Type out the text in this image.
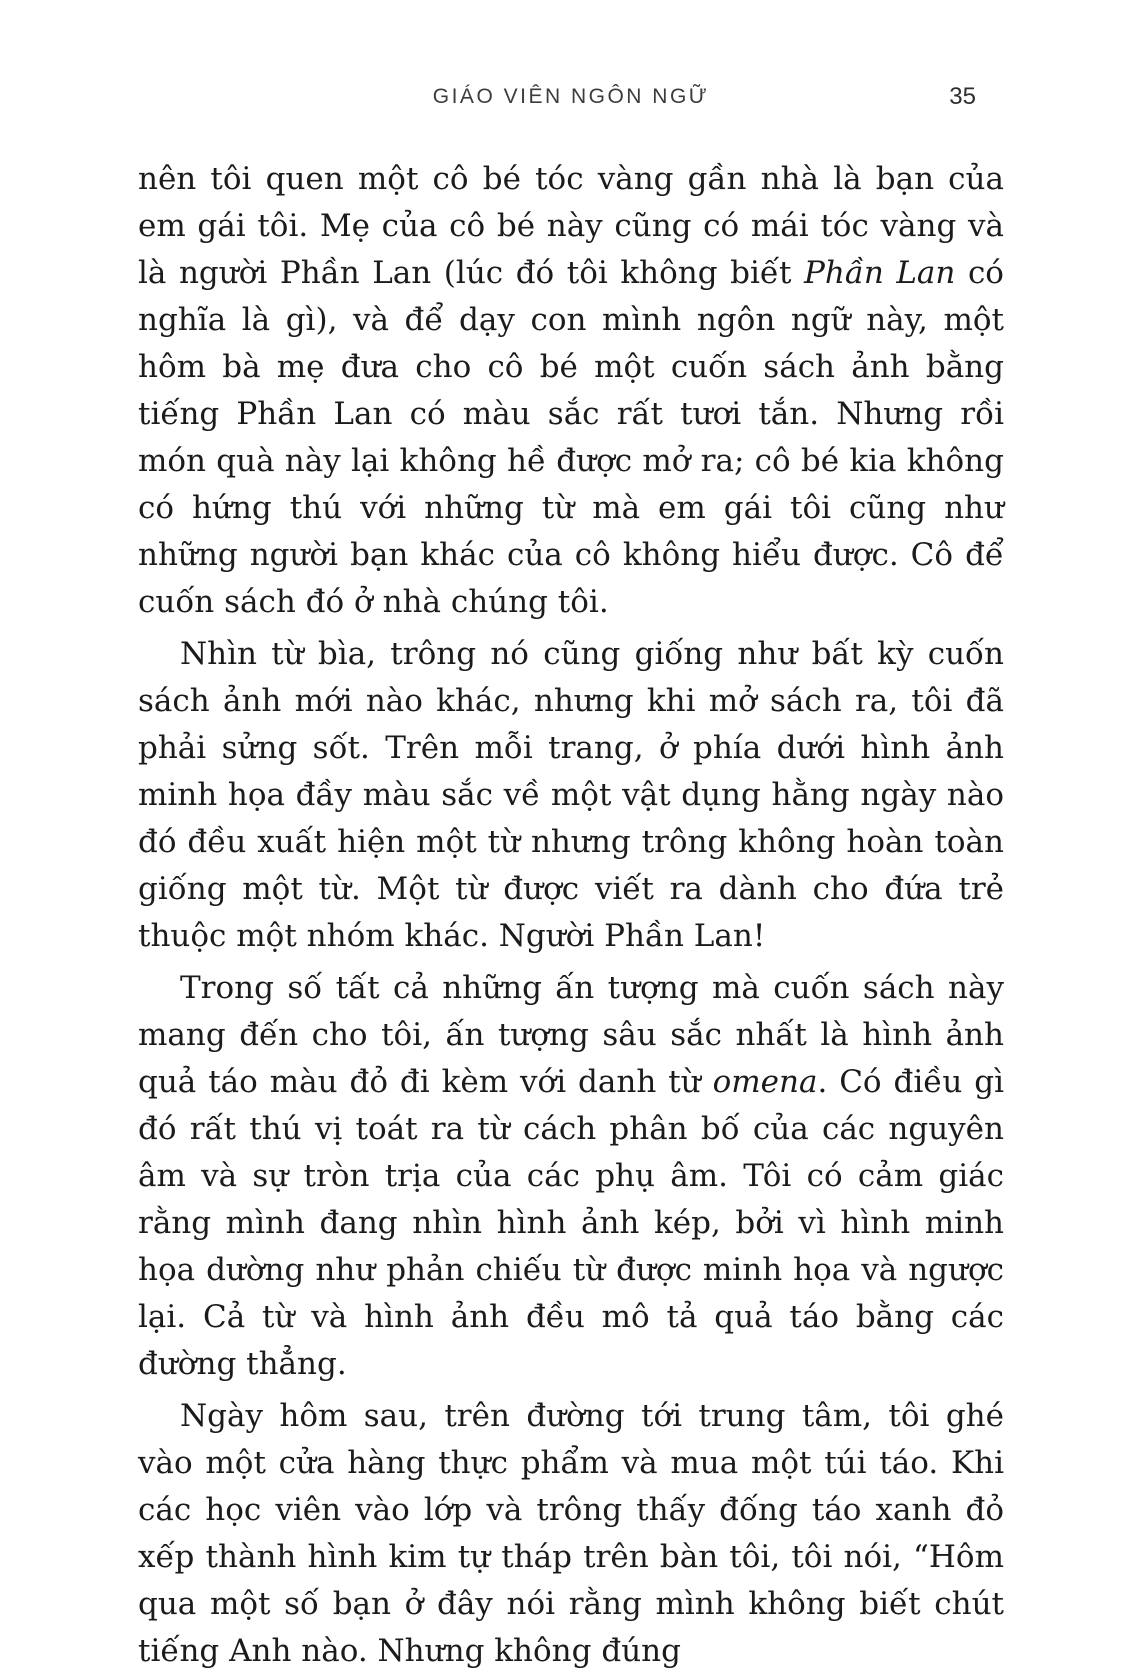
GIÁO VIÊN NGÔN NGỮ	35

nên tôi quen một cô bé tóc vàng gần nhà là bạn của em gái tôi. Mẹ của cô bé này cũng có mái tóc vàng và là người Phần Lan (lúc đó tôi không biết Phần Lan có nghĩa là gì), và để dạy con mình ngôn ngữ này, một hôm bà mẹ đưa cho cô bé một cuốn sách ảnh bằng tiếng Phần Lan có màu sắc rất tươi tắn. Nhưng rồi món quà này lại không hề được mở ra; cô bé kia không có hứng thú với những từ mà em gái tôi cũng như những người bạn khác của cô không hiểu được. Cô để cuốn sách đó ở nhà chúng tôi.

Nhìn từ bìa, trông nó cũng giống như bất kỳ cuốn sách ảnh mới nào khác, nhưng khi mở sách ra, tôi đã phải sửng sốt. Trên mỗi trang, ở phía dưới hình ảnh minh họa đầy màu sắc về một vật dụng hằng ngày nào đó đều xuất hiện một từ nhưng trông không hoàn toàn giống một từ. Một từ được viết ra dành cho đứa trẻ thuộc một nhóm khác. Người Phần Lan!

Trong số tất cả những ấn tượng mà cuốn sách này mang đến cho tôi, ấn tượng sâu sắc nhất là hình ảnh quả táo màu đỏ đi kèm với danh từ omena. Có điều gì đó rất thú vị toát ra từ cách phân bố của các nguyên âm và sự tròn trịa của các phụ âm. Tôi có cảm giác rằng mình đang nhìn hình ảnh kép, bởi vì hình minh họa dường như phản chiếu từ được minh họa và ngược lại. Cả từ và hình ảnh đều mô tả quả táo bằng các đường thẳng.

Ngày hôm sau, trên đường tới trung tâm, tôi ghé vào một cửa hàng thực phẩm và mua một túi táo. Khi các học viên vào lớp và trông thấy đống táo xanh đỏ xếp thành hình kim tự tháp trên bàn tôi, tôi nói, “Hôm qua một số bạn ở đây nói rằng mình không biết chút tiếng Anh nào. Nhưng không đúng
